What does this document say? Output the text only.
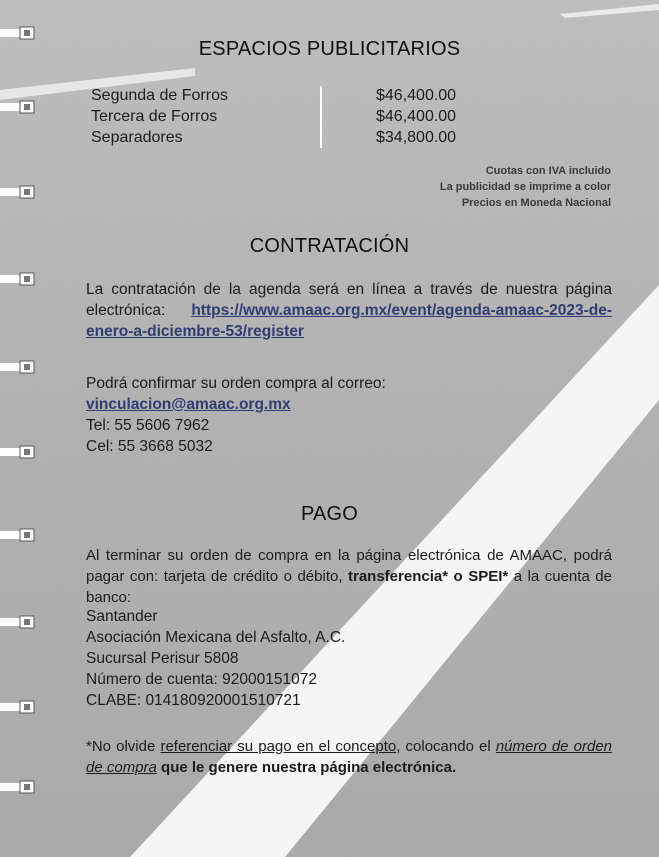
ESPACIOS PUBLICITARIOS
Segunda de Forros
Tercera de Forros
Separadores
$46,400.00
$46,400.00
$34,800.00
Cuotas con IVA incluido
La publicidad se imprime a color
Precios en Moneda Nacional
CONTRATACIÓN
La contratación de la agenda será en línea a través de nuestra página electrónica: https://www.amaac.org.mx/event/agenda-amaac-2023-de-enero-a-diciembre-53/register
Podrá confirmar su orden compra al correo:
vinculacion@amaac.org.mx
Tel: 55 5606 7962
Cel: 55 3668 5032
PAGO
Al terminar su orden de compra en la página electrónica de AMAAC, podrá pagar con: tarjeta de crédito o débito, transferencia* o SPEI* a la cuenta de banco:
Santander
Asociación Mexicana del Asfalto, A.C.
Sucursal Perisur 5808
Número de cuenta: 92000151072
CLABE: 014180920001510721
*No olvide referenciar su pago en el concepto, colocando el número de orden de compra que le genere nuestra página electrónica.
